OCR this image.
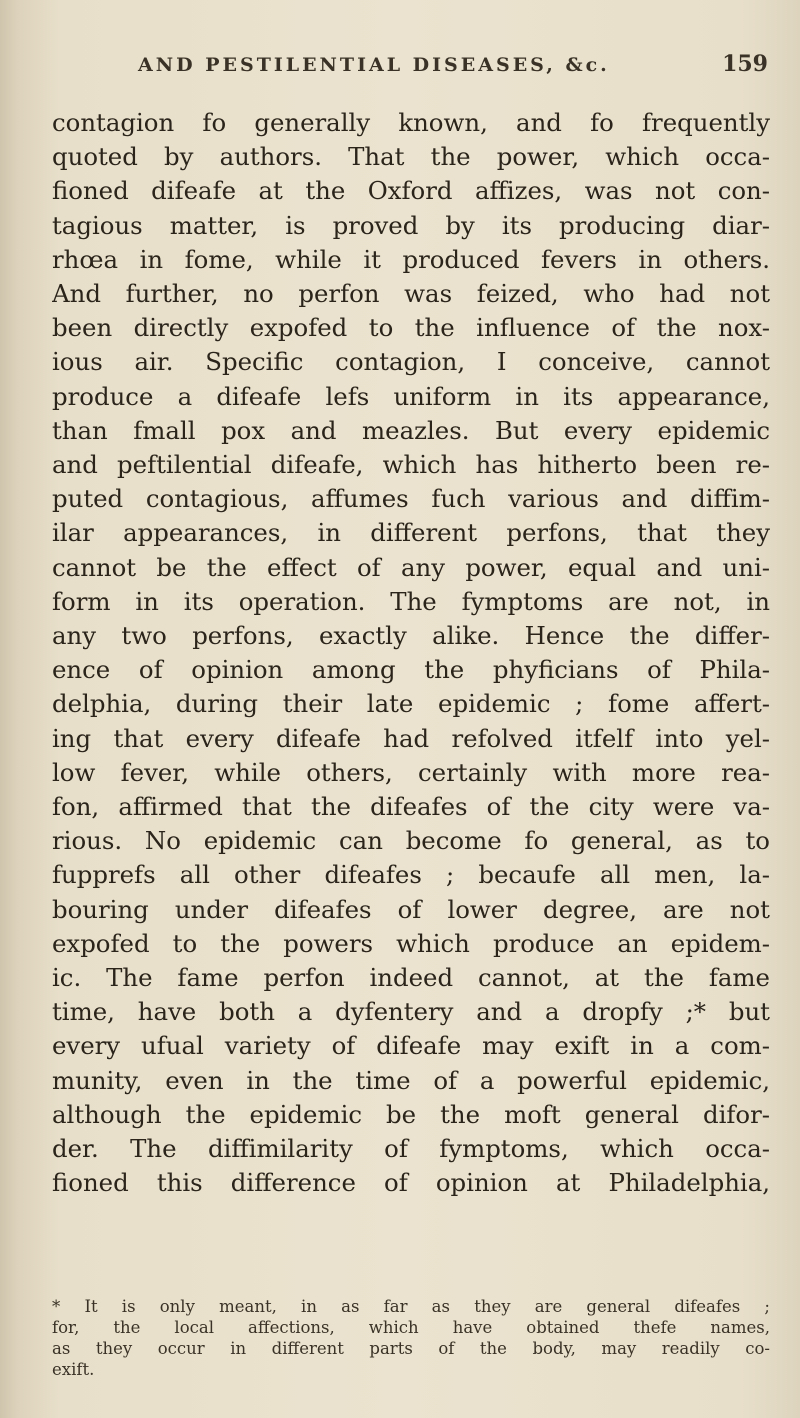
AND PESTILENTIAL DISEASES, &c.	159
contagion fo generally known, and fo frequently
quoted by authors. That the power, which occa-
fioned difeafe at the Oxford affizes, was not con-
tagious matter, is proved by its producing diar-
rhœa in fome, while it produced fevers in others.
And further, no perfon was feized, who had not
been directly expofed to the influence of the nox-
ious air. Specific contagion, I conceive, cannot
produce a difeafe lefs uniform in its appearance,
than fmall pox and meazles. But every epidemic
and peftilential difeafe, which has hitherto been re-
puted contagious, affumes fuch various and diffim-
ilar appearances, in different perfons, that they
cannot be the effect of any power, equal and uni-
form in its operation. The fymptoms are not, in
any two perfons, exactly alike. Hence the differ-
ence of opinion among the phyficians of Phila-
delphia, during their late epidemic ; fome affert-
ing that every difeafe had refolved itfelf into yel-
low fever, while others, certainly with more rea-
fon, affirmed that the difeafes of the city were va-
rious. No epidemic can become fo general, as to
fupprefs all other difeafes ; becaufe all men, la-
bouring under difeafes of lower degree, are not
expofed to the powers which produce an epidem-
ic. The fame perfon indeed cannot, at the fame
time, have both a dyfentery and a dropfy ;* but
every ufual variety of difeafe may exift in a com-
munity, even in the time of a powerful epidemic,
although the epidemic be the moft general difor-
der. The diffimilarity of fymptoms, which occa-
fioned this difference of opinion at Philadelphia,
* It is only meant, in as far as they are general difeafes ;
for, the local affections, which have obtained thefe names,
as they occur in different parts of the body, may readily co-
exift.
